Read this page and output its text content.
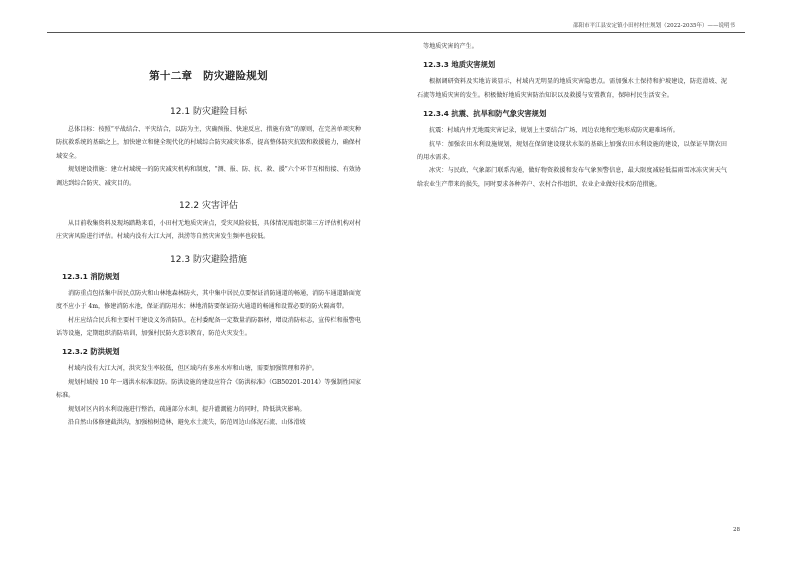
邵阳市平江县安定镇小田村村庄规划（2022-2035年）——说明书
第十二章　防灾避险规划
12.1 防灾避险目标

总体目标：按照“平战结合、平灾结合，以防为主，灾确预报、快速反应、措施有效”的原则，在完善单项灾种防抗救系统的基础之上，加快建立和健全现代化的村域综合防灾减灾体系，提高整体防灾抗毁和救援能力，确保村域安全。

规划建设措施：建立村域统一的防灾减灾机构和制度，“测、报、防、抗、救、援”六个环节互相衔接、有效协调达到综合防灾、减灾目的。

12.2 灾害评估

从目前收集资料及现场踏勘来看，小田村无地质灾害点，受灾风险较低，具体情况需组织第三方评估机构对村庄灾害风险进行评估。村域内没有大江大河，洪涝等自然灾害发生频率也较低。

12.3 防灾避险措施
12.3.1 消防规划

消防重点包括集中居民点防火和山林地森林防火，其中集中居民点要保证消防通道的畅通，消防车通道路面宽度不应小于 4m，修建消防水池，保证消防用水；林地消防要保证防火通道的畅通和设置必要的防火隔离带。

村庄应结合民兵和主要村干建设义务消防队，在村委配备一定数量消防器材，增设消防标志，宣传栏和报警电话等设施，定期组织消防培训，加强村民防火意识教育，防范火灾发生。

12.3.2 防洪规划

村域内没有大江大河，洪灾发生率较低，但区域内有多座水库和山塘，需要加强管理和养护。

规划村域按 10 年一遇洪水标准设防。防洪设施的建设应符合《防洪标准》（GB50201-2014）等强制性国家标准。

规划对区内的水利设施进行整治，疏通部分水圳，提升灌溉能力的同时，降低洪灾影响。

沿自然山体修建截洪沟，加强植树造林，避免水土流失，防范周边山体泥石流、山体滑坡

等地质灾害的产生。

12.3.3 地质灾害规划

根据调研资料及实地访谈显示，村域内无明显的地质灾害隐患点。需加强水土保持和护坡建设，防范滑坡、泥石流等地质灾害的发生。积极做好地质灾害防治知识以及救援与安置教育，保障村民生活安全。

12.3.4 抗震、抗旱和防气象灾害规划

抗震：村域内并无地震灾害记录，规划上主要结合广场、周边农地和空地形成防灾避难场所。

抗旱：加强农田水利设施规划，规划在保留建设现状水渠的基础上加强农田水利设施的建设，以保证旱期农田的用水需求。

冰灾：与民政、气象部门联系沟通，做好物资救援和发布气象预警信息，最大限度减轻低温雨雪冰冻灾害天气给农业生产带来的损失，同时要求各种养户、农村合作组织、农业企业做好技术防范措施。

28
